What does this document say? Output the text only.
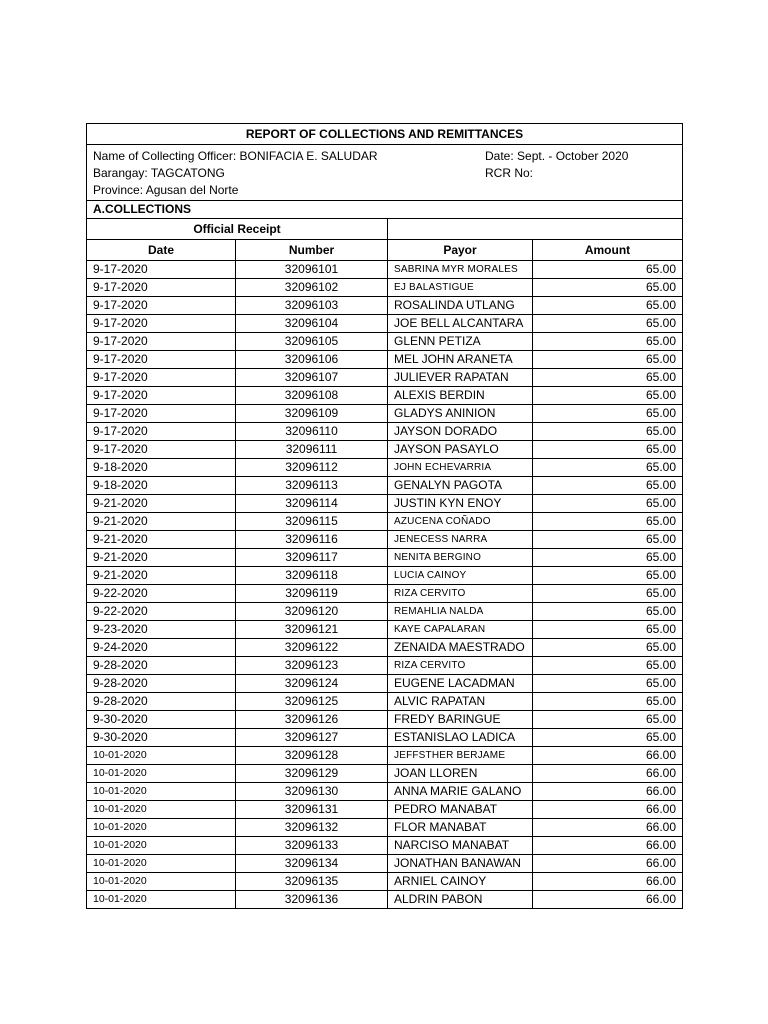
REPORT OF COLLECTIONS AND REMITTANCES			

Name of Collecting Officer: BONIFACIA E. SALUDAR Date: Sept. - October 2020
Barangay: TAGCATONG RCR No:
Province: Agusan del Norte			

A.COLLECTIONS			
Official Receipt			
Date	Number	Payor	Amount
9-17-2020	32096101	SABRINA MYR MORALES	65.00
9-17-2020	32096102	EJ BALASTIGUE	65.00
9-17-2020	32096103	ROSALINDA UTLANG	65.00
9-17-2020	32096104	JOE BELL ALCANTARA	65.00
9-17-2020	32096105	GLENN PETIZA	65.00
9-17-2020	32096106	MEL JOHN ARANETA	65.00
9-17-2020	32096107	JULIEVER RAPATAN	65.00
9-17-2020	32096108	ALEXIS BERDIN	65.00
9-17-2020	32096109	GLADYS ANINION	65.00
9-17-2020	32096110	JAYSON DORADO	65.00
9-17-2020	32096111	JAYSON PASAYLO	65.00
9-18-2020	32096112	JOHN ECHEVARRIA	65.00
9-18-2020	32096113	GENALYN PAGOTA	65.00
9-21-2020	32096114	JUSTIN KYN ENOY	65.00
9-21-2020	32096115	AZUCENA COÑADO	65.00
9-21-2020	32096116	JENECESS NARRA	65.00
9-21-2020	32096117	NENITA BERGINO	65.00
9-21-2020	32096118	LUCIA CAINOY	65.00
9-22-2020	32096119	RIZA CERVITO	65.00
9-22-2020	32096120	REMAHLIA NALDA	65.00
9-23-2020	32096121	KAYE CAPALARAN	65.00
9-24-2020	32096122	ZENAIDA MAESTRADO	65.00
9-28-2020	32096123	RIZA CERVITO	65.00
9-28-2020	32096124	EUGENE LACADMAN	65.00
9-28-2020	32096125	ALVIC RAPATAN	65.00
9-30-2020	32096126	FREDY BARINGUE	65.00
9-30-2020	32096127	ESTANISLAO LADICA	65.00
10-01-2020	32096128	JEFFSTHER BERJAME	66.00
10-01-2020	32096129	JOAN LLOREN	66.00
10-01-2020	32096130	ANNA MARIE GALANO	66.00
10-01-2020	32096131	PEDRO MANABAT	66.00
10-01-2020	32096132	FLOR MANABAT	66.00
10-01-2020	32096133	NARCISO MANABAT	66.00
10-01-2020	32096134	JONATHAN BANAWAN	66.00
10-01-2020	32096135	ARNIEL CAINOY	66.00
10-01-2020	32096136	ALDRIN PABON	66.00
